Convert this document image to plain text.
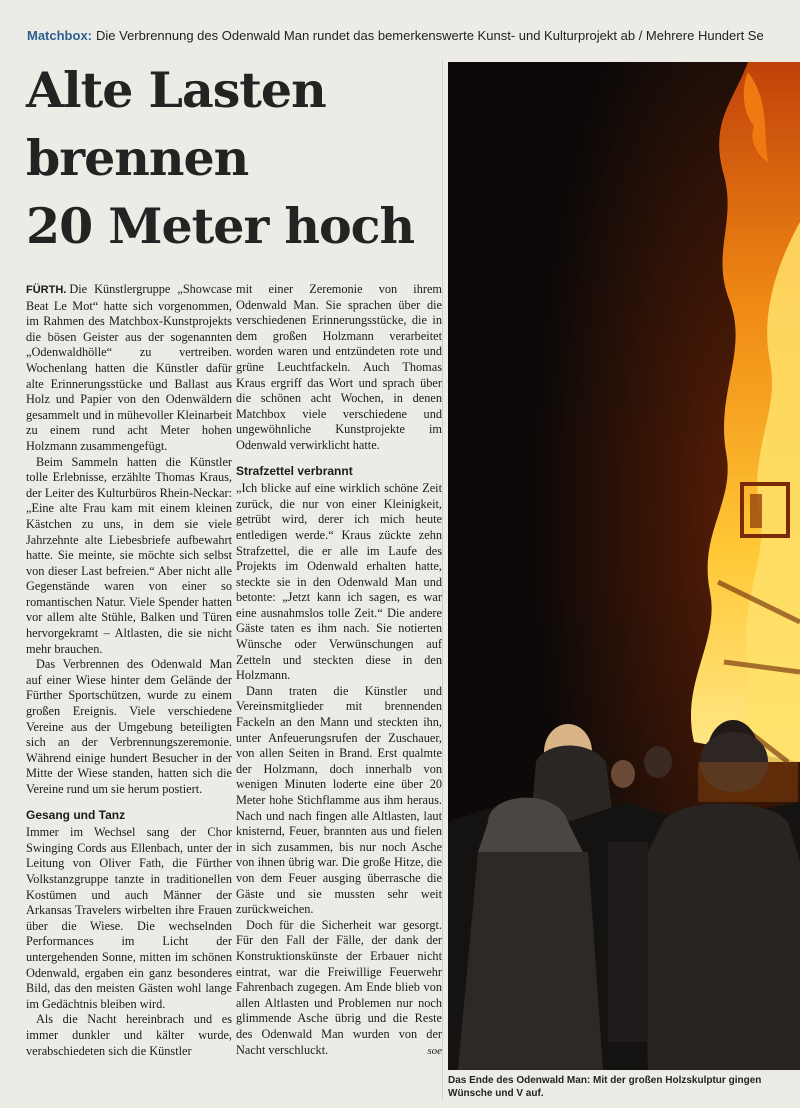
Matchbox: Die Verbrennung des Odenwald Man rundet das bemerkenswerte Kunst- und Kulturprojekt ab / Mehrere Hundert Se
Alte Lasten
brennen
20 Meter hoch

FÜRTH. Die Künstlergruppe „Showcase Beat Le Mot“ hatte sich vorgenommen, im Rahmen des Matchbox-Kunstprojekts die bösen Geister aus der sogenannten „Odenwaldhölle“ zu vertreiben. Wochenlang hatten die Künstler dafür alte Erinnerungsstücke und Ballast aus Holz und Papier von den Odenwäldern gesammelt und in mühevoller Kleinarbeit zu einem rund acht Meter hohen Holzmann zusammengefügt.

Beim Sammeln hatten die Künstler tolle Erlebnisse, erzählte Thomas Kraus, der Leiter des Kulturbüros Rhein-Neckar: „Eine alte Frau kam mit einem kleinen Kästchen zu uns, in dem sie viele Jahrzehnte alte Liebesbriefe aufbewahrt hatte. Sie meinte, sie möchte sich selbst von dieser Last befreien.“ Aber nicht alle Gegenstände waren von einer so romantischen Natur. Viele Spender hatten vor allem alte Stühle, Balken und Türen hervorgekramt – Altlasten, die sie nicht mehr brauchen.

Das Verbrennen des Odenwald Man auf einer Wiese hinter dem Gelände der Fürther Sportschützen, wurde zu einem großen Ereignis. Viele verschiedene Vereine aus der Umgebung beteiligten sich an der Verbrennungszeremonie. Während einige hundert Besucher in der Mitte der Wiese standen, hatten sich die Vereine rund um sie herum postiert.

Gesang und Tanz

Immer im Wechsel sang der Chor Swinging Cords aus Ellenbach, unter der Leitung von Oliver Fath, die Fürther Volkstanzgruppe tanzte in traditionellen Kostümen und auch Männer der Arkansas Travelers wirbelten ihre Frauen über die Wiese. Die wechselnden Performances im Licht der untergehenden Sonne, mitten im schönen Odenwald, ergaben ein ganz besonderes Bild, das den meisten Gästen wohl lange im Gedächtnis bleiben wird.

Als die Nacht hereinbrach und es immer dunkler und kälter wurde, verabschiedeten sich die Künstler

mit einer Zeremonie von ihrem Odenwald Man. Sie sprachen über die verschiedenen Erinnerungsstücke, die in dem großen Holzmann verarbeitet worden waren und entzündeten rote und grüne Leuchtfackeln. Auch Thomas Kraus ergriff das Wort und sprach über die schönen acht Wochen, in denen Matchbox viele verschiedene und ungewöhnliche Kunstprojekte im Odenwald verwirklicht hatte.

Strafzettel verbrannt

„Ich blicke auf eine wirklich schöne Zeit zurück, die nur von einer Kleinigkeit, getrübt wird, derer ich mich heute entledigen werde.“ Kraus zückte zehn Strafzettel, die er alle im Laufe des Projekts im Odenwald erhalten hatte, steckte sie in den Odenwald Man und betonte: „Jetzt kann ich sagen, es war eine ausnahmslos tolle Zeit.“ Die andere Gäste taten es ihm nach. Sie notierten Wünsche oder Verwünschungen auf Zetteln und steckten diese in den Holzmann.

Dann traten die Künstler und Vereinsmitglieder mit brennenden Fackeln an den Mann und steckten ihn, unter Anfeuerungsrufen der Zuschauer, von allen Seiten in Brand. Erst qualmte der Holzmann, doch innerhalb von wenigen Minuten loderte eine über 20 Meter hohe Stichflamme aus ihm heraus. Nach und nach fingen alle Altlasten, laut knisternd, Feuer, brannten aus und fielen in sich zusammen, bis nur noch Asche von ihnen übrig war. Die große Hitze, die von dem Feuer ausging überrasche die Gäste und sie mussten sehr weit zurückweichen.

Doch für die Sicherheit war gesorgt. Für den Fall der Fälle, der dank der Konstruktionskünste der Erbauer nicht eintrat, war die Freiwillige Feuerwehr Fahrenbach zugegen. Am Ende blieb von allen Altlasten und Problemen nur noch glimmende Asche übrig und die Reste des Odenwald Man wurden von der Nacht verschluckt.	soe

Das Ende des Odenwald Man: Mit der großen Holzskulptur gingen Wünsche und V auf.
